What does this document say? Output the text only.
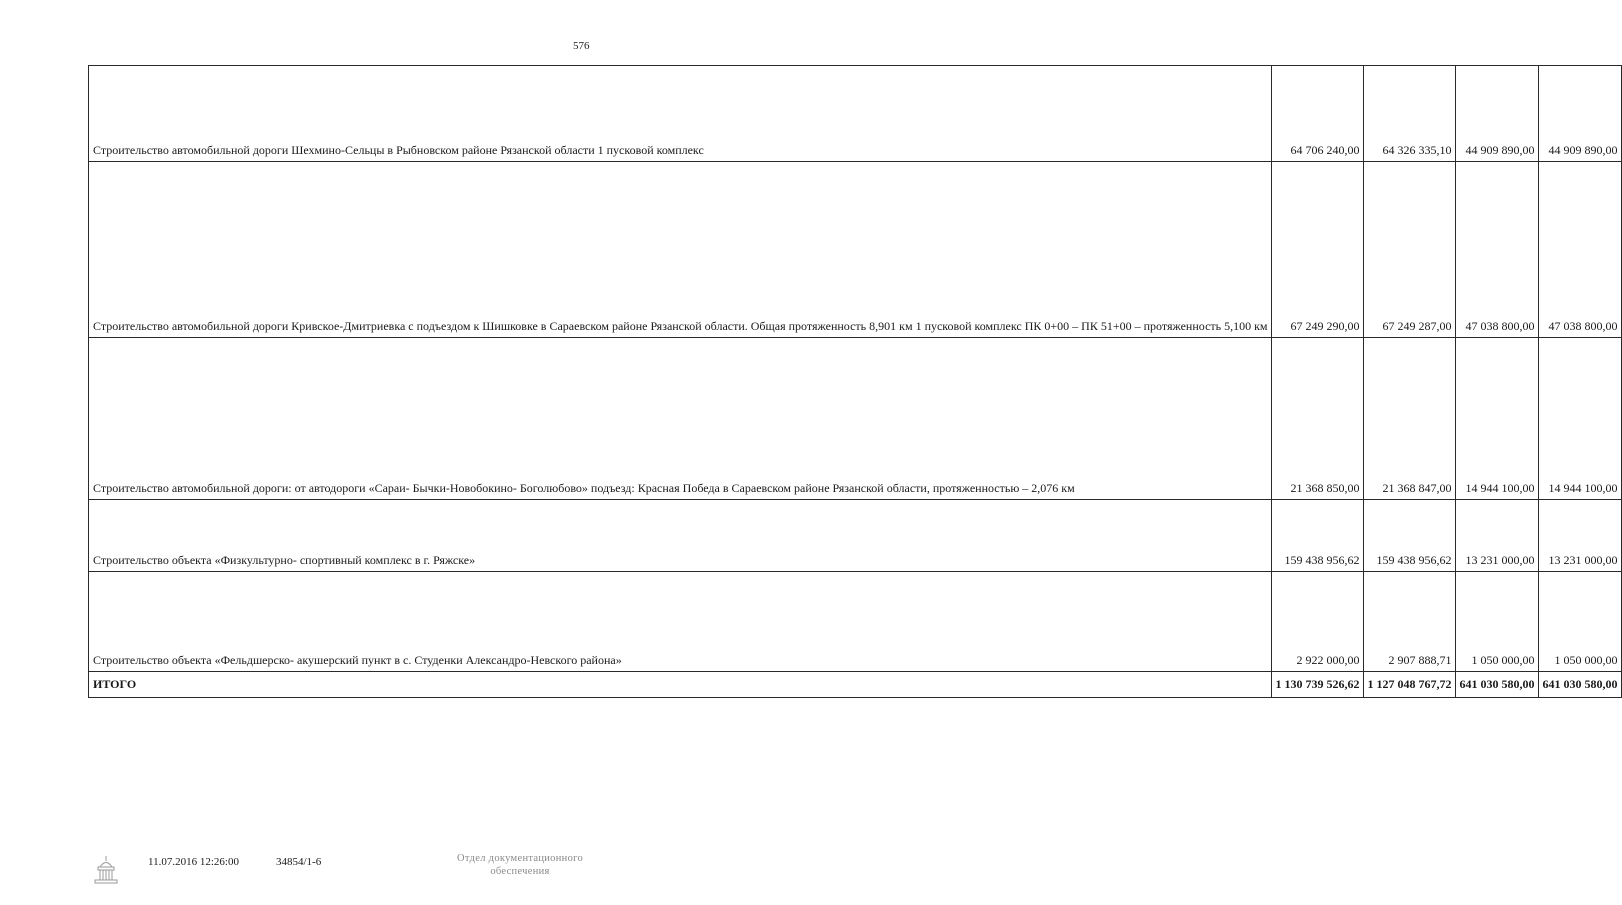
576
Строительство автомобильной дороги Шехмино-Сельцы в Рыбновском районе Рязанской области 1 пусковой комплекс	64 706 240,00	64 326 335,10	44 909 890,00	44 909 890,00
Строительство автомобильной дороги Кривское-Дмитриевка с подъездом к Шишковке в Сараевском районе Рязанской области. Общая протяженность 8,901 км 1 пусковой комплекс ПК 0+00 – ПК 51+00 – протяженность 5,100 км	67 249 290,00	67 249 287,00	47 038 800,00	47 038 800,00
Строительство автомобильной дороги: от автодороги «Сараи- Бычки-Новобокино- Боголюбово» подъезд: Красная Победа в Сараевском районе Рязанской области, протяженностью – 2,076 км	21 368 850,00	21 368 847,00	14 944 100,00	14 944 100,00
Строительство объекта «Физкультурно- спортивный комплекс в г. Ряжске»	159 438 956,62	159 438 956,62	13 231 000,00	13 231 000,00
Строительство объекта «Фельдшерско- акушерский пункт в с. Студенки Александро-Невского района»	2 922 000,00	2 907 888,71	1 050 000,00	1 050 000,00
ИТОГО	1 130 739 526,62	1 127 048 767,72	641 030 580,00	641 030 580,00
11.07.2016 12:26:00	34854/1-6	Отдел документационного
обеспечения
